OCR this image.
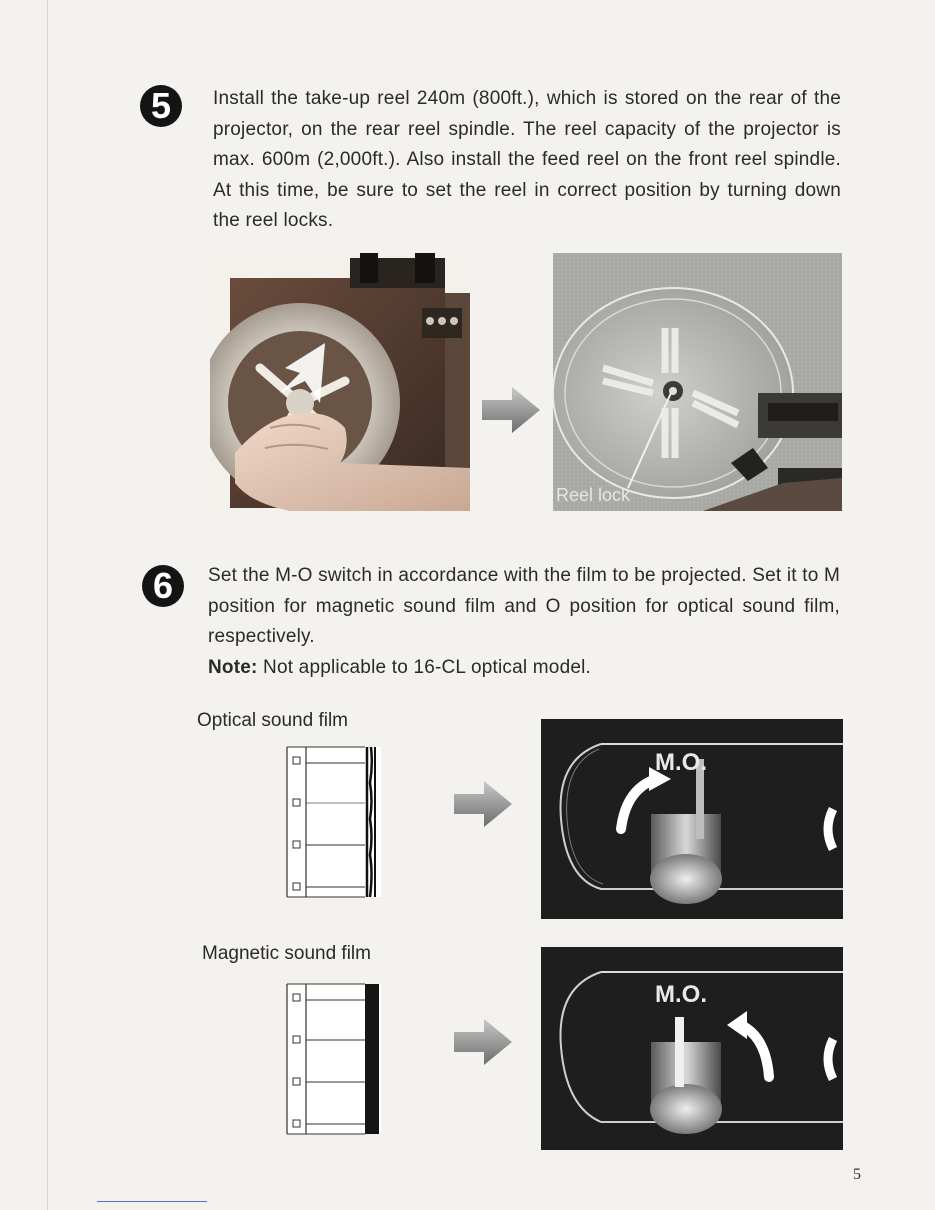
5	Install the take-up reel 240m (800ft.), which is stored on the rear of the projector, on the rear reel spindle. The reel capacity of the projector is max. 600m (2,000ft.). Also install the feed reel on the front reel spindle. At this time, be sure to set the reel in correct position by turning down the reel locks.

Reel lock
6	Set the M-O switch in accordance with the film to be projected. Set it to M position for magnetic sound film and O position for optical sound film, respectively.

Note: Not applicable to 16-CL optical model.

Optical sound film
M.O.
Magnetic sound film
M.O.
5
